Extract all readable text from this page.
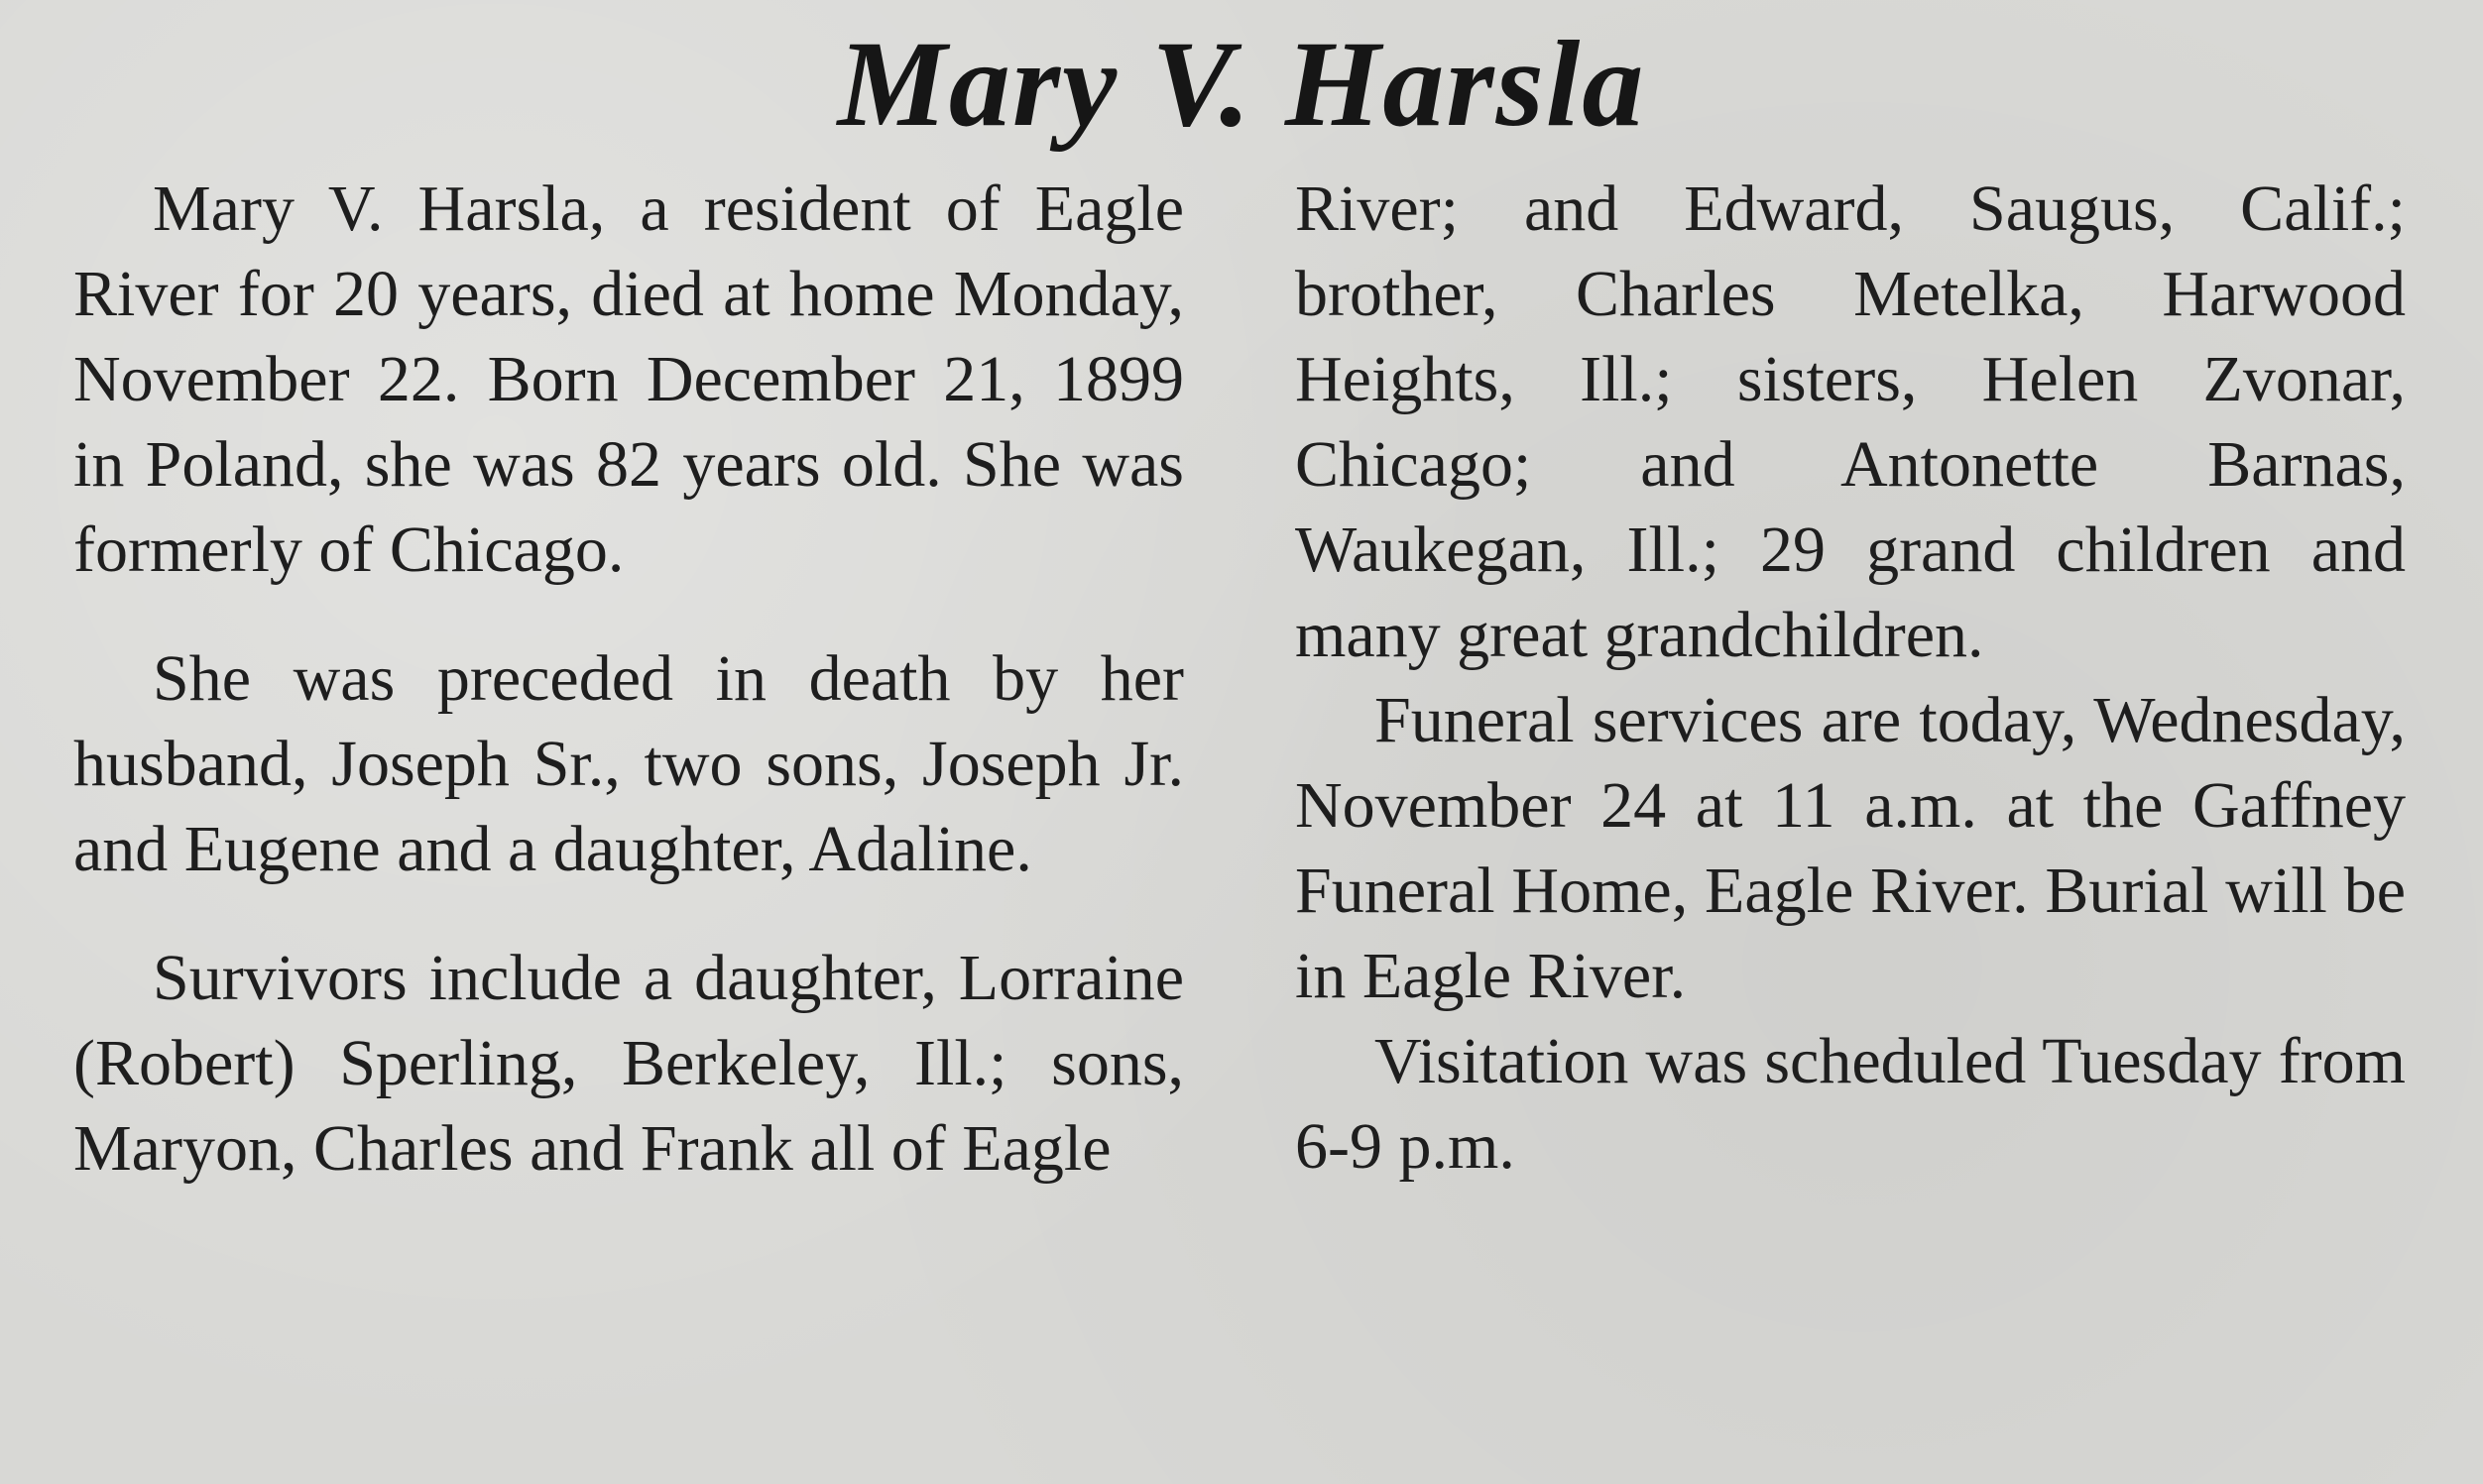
Mary V. Harsla

Mary V. Harsla, a resident of Eagle River for 20 years, died at home Monday, November 22. Born December 21, 1899 in Poland, she was 82 years old. She was formerly of Chicago.

She was preceded in death by her husband, Joseph Sr., two sons, Joseph Jr. and Eugene and a daughter, Adaline.

Survivors include a daughter, Lorraine (Robert) Sperling, Berkeley, Ill.; sons, Maryon, Charles and Frank all of Eagle

River; and Edward, Saugus, Calif.; brother, Charles Metelka, Harwood Heights, Ill.; sisters, Helen Zvonar, Chicago; and Antonette Barnas, Waukegan, Ill.; 29 grand children and many great grandchildren.

Funeral services are today, Wednesday, November 24 at 11 a.m. at the Gaffney Funeral Home, Eagle River. Burial will be in Eagle River.

Visitation was scheduled Tuesday from 6-9 p.m.
